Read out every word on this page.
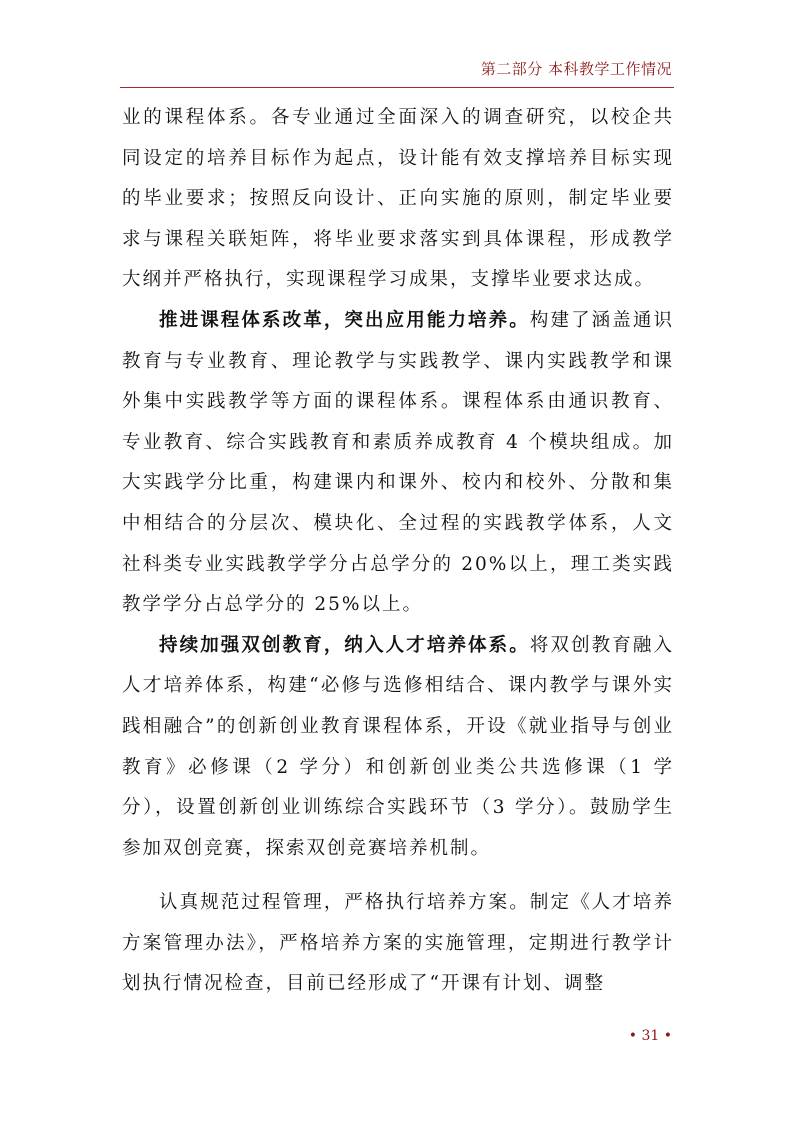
第二部分 本科教学工作情况

业的课程体系。各专业通过全面深入的调查研究，以校企共同设定的培养目标作为起点，设计能有效支撑培养目标实现的毕业要求；按照反向设计、正向实施的原则，制定毕业要求与课程关联矩阵，将毕业要求落实到具体课程，形成教学大纲并严格执行，实现课程学习成果，支撑毕业要求达成。

推进课程体系改革，突出应用能力培养。构建了涵盖通识教育与专业教育、理论教学与实践教学、课内实践教学和课外集中实践教学等方面的课程体系。课程体系由通识教育、专业教育、综合实践教育和素质养成教育 4 个模块组成。加大实践学分比重，构建课内和课外、校内和校外、分散和集中相结合的分层次、模块化、全过程的实践教学体系，人文社科类专业实践教学学分占总学分的 20%以上，理工类实践教学学分占总学分的 25%以上。

持续加强双创教育，纳入人才培养体系。将双创教育融入人才培养体系，构建“必修与选修相结合、课内教学与课外实践相融合”的创新创业教育课程体系，开设《就业指导与创业教育》必修课（2 学分）和创新创业类公共选修课（1 学分），设置创新创业训练综合实践环节（3 学分）。鼓励学生参加双创竞赛，探索双创竞赛培养机制。

认真规范过程管理，严格执行培养方案。制定《人才培养方案管理办法》，严格培养方案的实施管理，定期进行教学计划执行情况检查，目前已经形成了“开课有计划、调整

• 31 •
